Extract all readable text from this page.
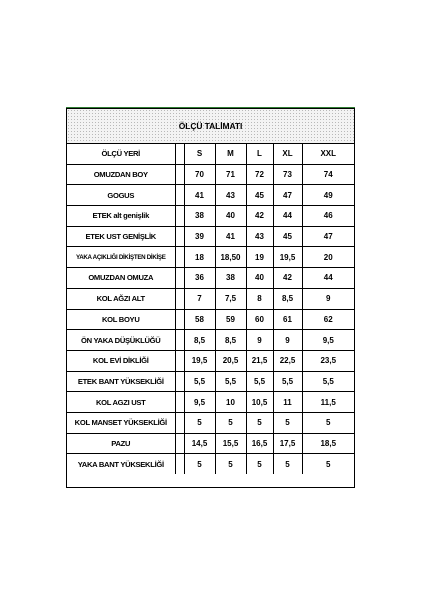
ÖLÇÜ TALİMATI
ÖLÇÜ YERİ		S	M	L	XL	XXL
OMUZDAN BOY		70	71	72	73	74
GOGUS		41	43	45	47	49
ETEK alt genişlik		38	40	42	44	46
ETEK UST GENİŞLİK		39	41	43	45	47
YAKA AÇIKLIĞI DİKİŞTEN DİKİŞE		18	18,50	19	19,5	20
OMUZDAN OMUZA		36	38	40	42	44
KOL AĞZI ALT		7	7,5	8	8,5	9
KOL BOYU		58	59	60	61	62
ÖN YAKA DÜŞÜKLÜĞÜ		8,5	8,5	9	9	9,5
KOL EVİ DİKLİĞİ		19,5	20,5	21,5	22,5	23,5
ETEK BANT YÜKSEKLİĞİ		5,5	5,5	5,5	5,5	5,5
KOL AGZI UST		9,5	10	10,5	11	11,5
KOL MANSET YÜKSEKLİĞİ		5	5	5	5	5
PAZU		14,5	15,5	16,5	17,5	18,5
YAKA BANT YÜKSEKLİĞİ		5	5	5	5	5
